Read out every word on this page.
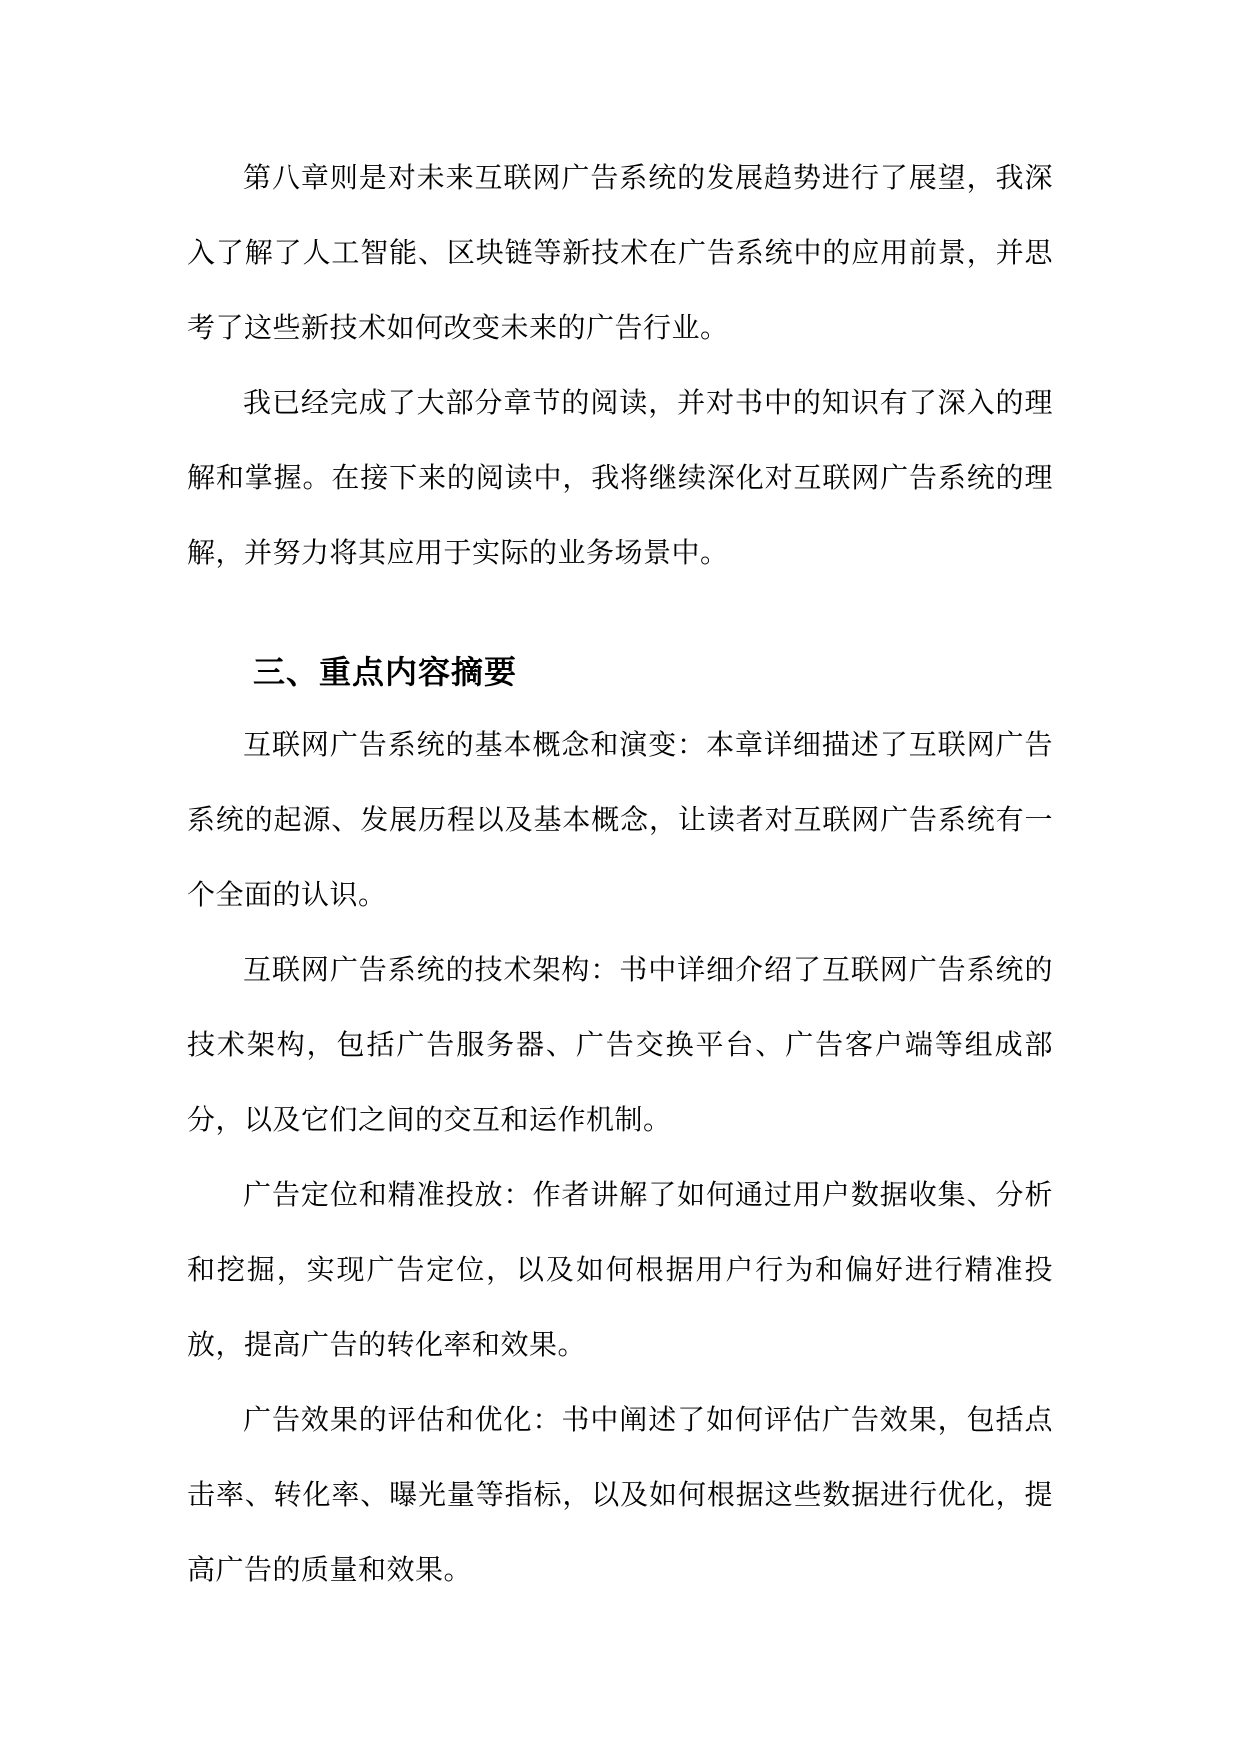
第八章则是对未来互联网广告系统的发展趋势进行了展望，我深入了解了人工智能、区块链等新技术在广告系统中的应用前景，并思考了这些新技术如何改变未来的广告行业。

我已经完成了大部分章节的阅读，并对书中的知识有了深入的理解和掌握。在接下来的阅读中，我将继续深化对互联网广告系统的理解，并努力将其应用于实际的业务场景中。

三、重点内容摘要

互联网广告系统的基本概念和演变：本章详细描述了互联网广告系统的起源、发展历程以及基本概念，让读者对互联网广告系统有一个全面的认识。

互联网广告系统的技术架构：书中详细介绍了互联网广告系统的技术架构，包括广告服务器、广告交换平台、广告客户端等组成部分，以及它们之间的交互和运作机制。

广告定位和精准投放：作者讲解了如何通过用户数据收集、分析和挖掘，实现广告定位，以及如何根据用户行为和偏好进行精准投放，提高广告的转化率和效果。

广告效果的评估和优化：书中阐述了如何评估广告效果，包括点击率、转化率、曝光量等指标，以及如何根据这些数据进行优化，提高广告的质量和效果。
